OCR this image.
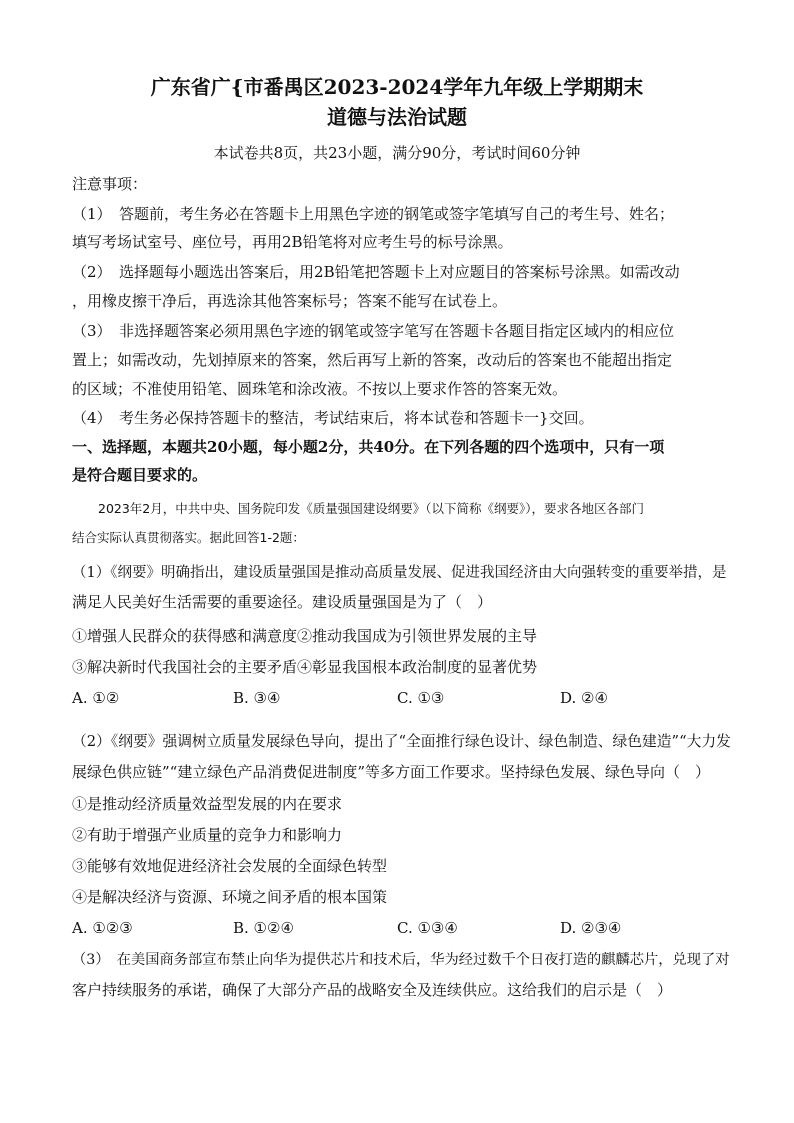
广东省广{市番禺区2023-2024学年九年级上学期期末
道德与法治试题
本试卷共8页，共23小题，满分90分，考试时间60分钟
注意事项：
（1）　答题前，考生务必在答题卡上用黑色字迹的钢笔或签字笔填写自己的考生号、姓名；
填写考场试室号、座位号，再用2B铅笔将对应考生号的标号涂黑。
（2）　选择题每小题选出答案后，用2B铅笔把答题卡上对应题目的答案标号涂黑。如需改动
，用橡皮擦干净后，再选涂其他答案标号；答案不能写在试卷上。
（3）　非选择题答案必须用黑色字迹的钢笔或签字笔写在答题卡各题目指定区域内的相应位
置上；如需改动，先划掉原来的答案，然后再写上新的答案，改动后的答案也不能超出指定
的区域；不准使用铅笔、圆珠笔和涂改液。不按以上要求作答的答案无效。
（4）　考生务必保持答题卡的整洁，考试结束后，将本试卷和答题卡一}交回。
一、选择题，本题共20小题，每小题2分，共40分。在下列各题的四个选项中，只有一项
是符合题目要求的。
2023年2月，中共中央、国务院印发《质量强国建设纲要》（以下简称《纲要》），要求各地区各部门
结合实际认真贯彻落实。据此回答1-2题：
（1）《纲要》明确指出，建设质量强国是推动高质量发展、促进我国经济由大向强转变的重要举措，是
满足人民美好生活需要的重要途径。建设质量强国是为了（　）
①增强人民群众的获得感和满意度②推动我国成为引领世界发展的主导
③解决新时代我国社会的主要矛盾④彰显我国根本政治制度的显著优势
A. ①②	B. ③④	C. ①③	D. ②④
（2）《纲要》强调树立质量发展绿色导向，提出了“全面推行绿色设计、绿色制造、绿色建造”“大力发
展绿色供应链”“建立绿色产品消费促进制度”等多方面工作要求。坚持绿色发展、绿色导向（　）
①是推动经济质量效益型发展的内在要求
②有助于增强产业质量的竞争力和影响力
③能够有效地促进经济社会发展的全面绿色转型
④是解决经济与资源、环境之间矛盾的根本国策
A. ①②③	B. ①②④	C. ①③④	D. ②③④
（3）　在美国商务部宣布禁止向华为提供芯片和技术后，华为经过数千个日夜打造的麒麟芯片，兑现了对
客户持续服务的承诺，确保了大部分产品的战略安全及连续供应。这给我们的启示是（　）
